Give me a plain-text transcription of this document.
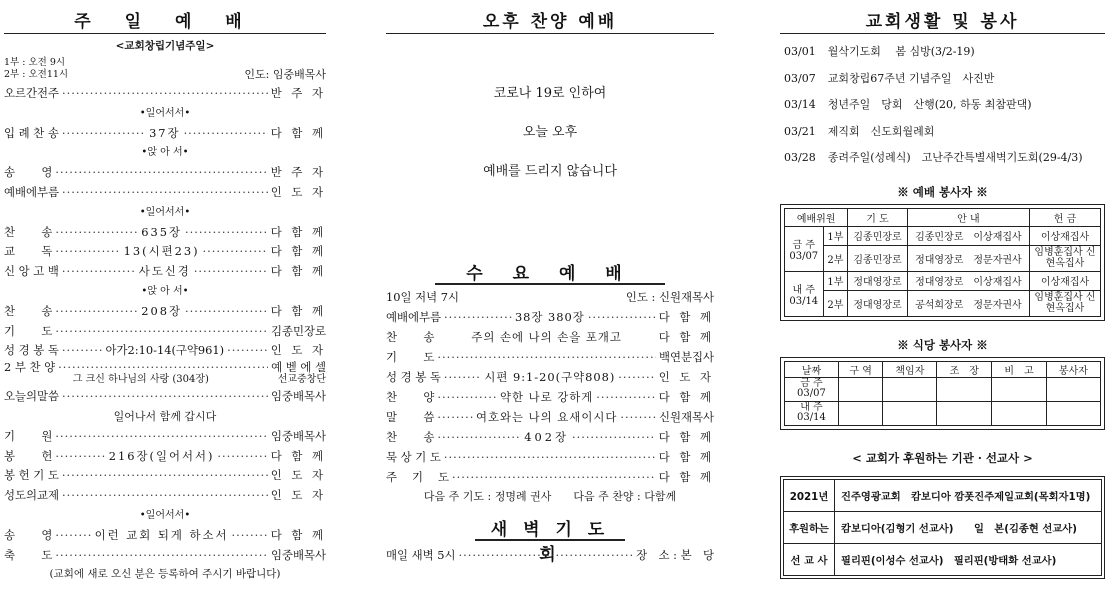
주 일 예 배
<교회창립기념주일>
1부 : 오전 9시
2부 : 오전11시	인도: 임중배목사
오르간전주 ·····	반 주 자
•일어서서•
입 례 찬 송 ·····	37장 ·····	다 함 께
•앉 아 서•
송　　 영 ·····	반 주 자
예배에부름 ·····	인 도 자
•일어서서•
찬　　 송 ·····	635장 ·····	다 함 께
교　　 독 ·····	13(시편23) ·····	다 함 께
신 앙 고 백 ·····	사도신경 ·····	다 함 께
•앉 아 서•
찬　　 송 ·····	208장 ·····	다 함 께
기　　 도 ·····	김종민장로
성 경 봉 독 ·····	아가2:10-14(구약961) ·····	인 도 자
2 부 찬 양 ·····	예 벧 에 셀
그 크신 하나님의 사랑 (304장)	선교중창단
오늘의말씀 ·····	임중배목사
일어나서 함께 갑시다
기　　 원 ·····	임중배목사
봉　　 헌 ·····	216장(일어서서) ·····	다 함 께
봉 헌 기 도 ·····	인 도 자
성도의교제 ·····	인 도 자
•일어서서•
송　　 영 ·····	이런 교회 되게 하소서 ·····	다 함 께
축　　 도 ·····	임중배목사
(교회에 새로 오신 분은 등록하여 주시기 바랍니다)
오후 찬양 예배
코로나 19로 인하여
오늘 오후
예배를 드리지 않습니다
수 요 예 배
10일 저녁 7시	인도 : 신원재목사
예배에부름 ·····	38장 380장 ·····	다 함 께
찬　　 송	주의 손에 나의 손을 포개고	다 함 께
기　　 도 ·····	백연분집사
성 경 봉 독 ·····	시편 9:1-20(구약808) ·····	인 도 자
찬　　 양 ·····	약한 나로 강하게 ·····	다 함 께
말　　 씀 ·····	여호와는 나의 요새이시다 ·····	신원재목사
찬　　 송 ·····	402장 ·····	다 함 께
묵 상 기 도 ·····	다 함 께
주　 기　 도 ·····	다 함 께
다음 주 기도 : 정명례 권사　　다음 주 찬양 : 다함께
새 벽 기 도 회
매일 새벽 5시 ·····	장　소 : 본　당
교회생활 및 봉사
03/01 월삭기도회　 봄 심방(3/2-19)
03/07 교회창립67주년 기념주일　사진반
03/14 청년주일　당회　산행(20, 하동 최참판댁)
03/21 제직회　신도회월례회
03/28 종려주일(성례식)　고난주간특별새벽기도회(29-4/3)
※ 예배 봉사자 ※
예배위원		기 도	안 내	헌 금

금 주
03/07	1부	김종민장로	김종민장로　이상재집사	이상재집사
	2부	김종민장로	정대영장로　정문자권사	임병훈집사 신현옥집사

내 주
03/14	1부	정대영장로	정대영장로　이상재집사	이상재집사
	2부	정대영장로	공석희장로　정문자권사	임병훈집사 신현옥집사
※ 식당 봉사자 ※
날짜	구 역	책임자	조　장	비　고	봉사자

금 주
03/07					

내 주
03/14					

< 교회가 후원하는 기관 · 선교사 >
2021년	진주영광교회　캄보디아 깜폿진주제일교회(목회자1명)
후원하는	캄보디아(김형기 선교사)　　일　본(김종현 선교사)
선 교 사	필리핀(이성수 선교사)　필리핀(방태화 선교사)
